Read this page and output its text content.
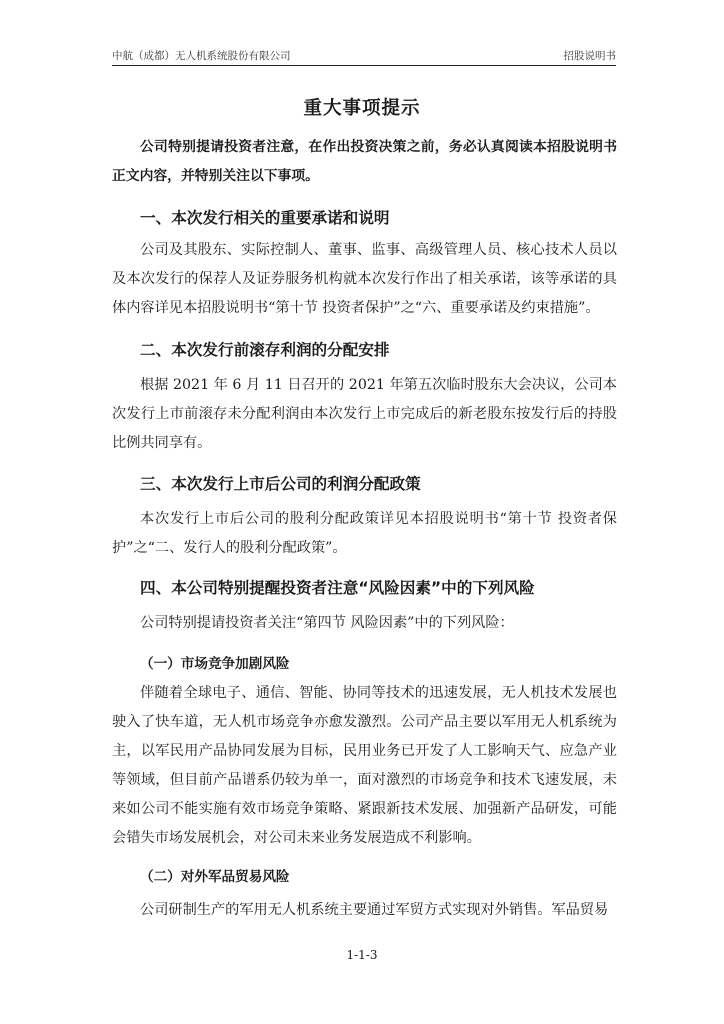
中航（成都）无人机系统股份有限公司	招股说明书
重大事项提示
公司特别提请投资者注意，在作出投资决策之前，务必认真阅读本招股说明书正文内容，并特别关注以下事项。
一、本次发行相关的重要承诺和说明
公司及其股东、实际控制人、董事、监事、高级管理人员、核心技术人员以及本次发行的保荐人及证券服务机构就本次发行作出了相关承诺，该等承诺的具体内容详见本招股说明书“第十节 投资者保护”之“六、重要承诺及约束措施”。
二、本次发行前滚存利润的分配安排
根据 2021 年 6 月 11 日召开的 2021 年第五次临时股东大会决议，公司本次发行上市前滚存未分配利润由本次发行上市完成后的新老股东按发行后的持股比例共同享有。
三、本次发行上市后公司的利润分配政策
本次发行上市后公司的股利分配政策详见本招股说明书“第十节 投资者保护”之“二、发行人的股利分配政策”。
四、本公司特别提醒投资者注意“风险因素”中的下列风险
公司特别提请投资者关注“第四节 风险因素”中的下列风险：
（一）市场竞争加剧风险
伴随着全球电子、通信、智能、协同等技术的迅速发展，无人机技术发展也驶入了快车道，无人机市场竞争亦愈发激烈。公司产品主要以军用无人机系统为主，以军民用产品协同发展为目标，民用业务已开发了人工影响天气、应急产业等领域，但目前产品谱系仍较为单一，面对激烈的市场竞争和技术飞速发展，未来如公司不能实施有效市场竞争策略、紧跟新技术发展、加强新产品研发，可能会错失市场发展机会，对公司未来业务发展造成不利影响。
（二）对外军品贸易风险
公司研制生产的军用无人机系统主要通过军贸方式实现对外销售。军品贸易
1-1-3
